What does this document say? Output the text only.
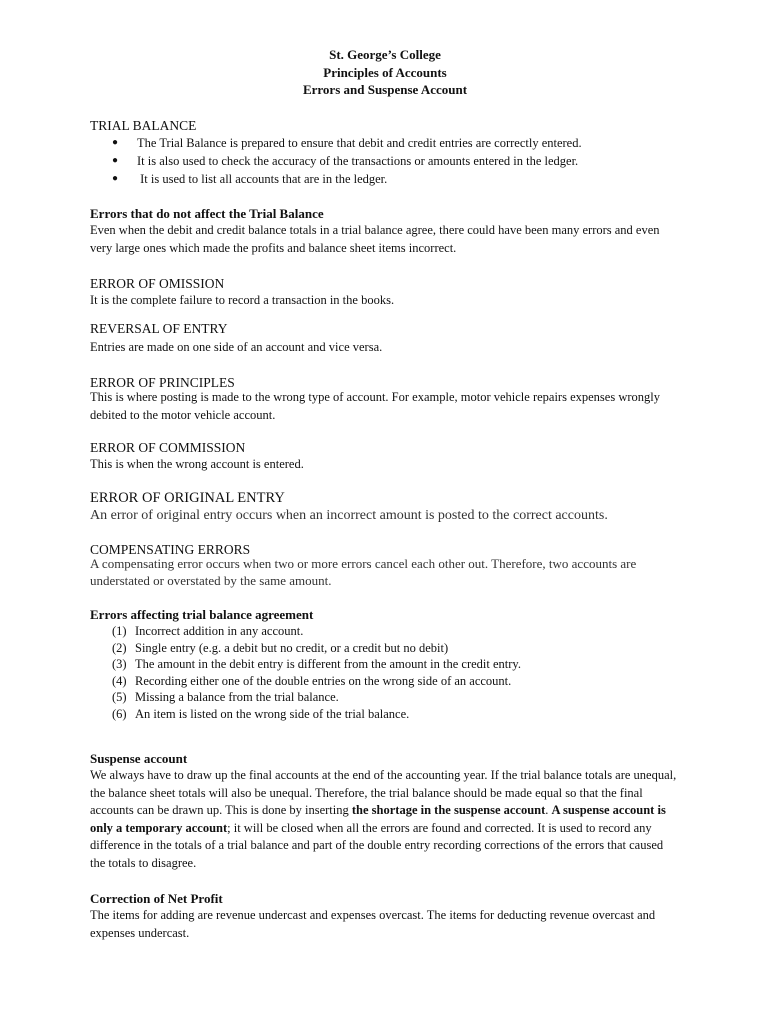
St. George’s College
Principles of Accounts
Errors and Suspense Account
TRIAL BALANCE
● The Trial Balance is prepared to ensure that debit and credit entries are correctly entered.
● It is also used to check the accuracy of the transactions or amounts entered in the ledger.
● It is used to list all accounts that are in the ledger.
Errors that do not affect the Trial Balance
Even when the debit and credit balance totals in a trial balance agree, there could have been many errors and even very large ones which made the profits and balance sheet items incorrect.
ERROR OF OMISSION
It is the complete failure to record a transaction in the books.
REVERSAL OF ENTRY
Entries are made on one side of an account and vice versa.
ERROR OF PRINCIPLES
This is where posting is made to the wrong type of account. For example, motor vehicle repairs expenses wrongly debited to the motor vehicle account.
ERROR OF COMMISSION
This is when the wrong account is entered.
ERROR OF ORIGINAL ENTRY
An error of original entry occurs when an incorrect amount is posted to the correct accounts.
COMPENSATING ERRORS
A compensating error occurs when two or more errors cancel each other out. Therefore, two accounts are understated or overstated by the same amount.
Errors affecting trial balance agreement
(1) Incorrect addition in any account.
(2) Single entry (e.g. a debit but no credit, or a credit but no debit)
(3) The amount in the debit entry is different from the amount in the credit entry.
(4) Recording either one of the double entries on the wrong side of an account.
(5) Missing a balance from the trial balance.
(6) An item is listed on the wrong side of the trial balance.
Suspense account
We always have to draw up the final accounts at the end of the accounting year. If the trial balance totals are unequal, the balance sheet totals will also be unequal. Therefore, the trial balance should be made equal so that the final accounts can be drawn up. This is done by inserting the shortage in the suspense account. A suspense account is only a temporary account; it will be closed when all the errors are found and corrected. It is used to record any difference in the totals of a trial balance and part of the double entry recording corrections of the errors that caused the totals to disagree.
Correction of Net Profit
The items for adding are revenue undercast and expenses overcast. The items for deducting revenue overcast and expenses undercast.
